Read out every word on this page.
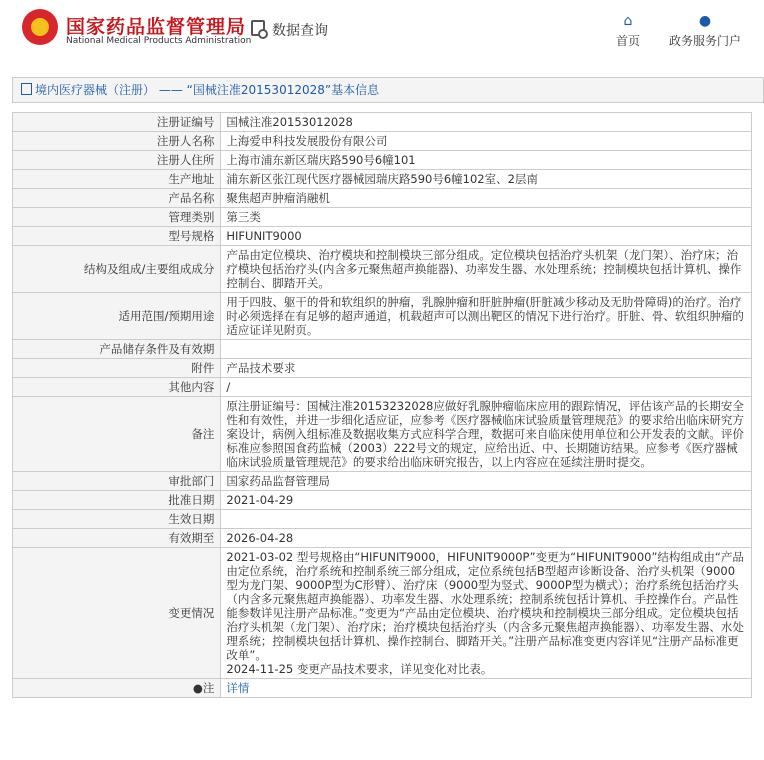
国家药品监督管理局
National Medical Products Administration
数据查询
⌂
首页
●
政务服务门户
境内医疗器械（注册） —— “国械注准20153012028”基本信息
注册证编号	国械注准20153012028
注册人名称	上海爱申科技发展股份有限公司
注册人住所	上海市浦东新区瑞庆路590号6幢101
生产地址	浦东新区张江现代医疗器械园瑞庆路590号6幢102室、2层南
产品名称	聚焦超声肿瘤消融机
管理类别	第三类
型号规格	HIFUNIT9000
结构及组成/主要组成成分	产品由定位模块、治疗模块和控制模块三部分组成。定位模块包括治疗头机架（龙门架）、治疗床；治疗模块包括治疗头(内含多元聚焦超声换能器)、功率发生器、水处理系统；控制模块包括计算机、操作控制台、脚踏开关。
适用范围/预期用途	用于四肢、躯干的骨和软组织的肿瘤，乳腺肿瘤和肝脏肿瘤(肝脏减少移动及无肋骨障碍)的治疗。治疗时必须选择在有足够的超声通道，机载超声可以测出靶区的情况下进行治疗。肝脏、骨、软组织肿瘤的适应证详见附页。
产品储存条件及有效期	
附件	产品技术要求
其他内容	/
备注	原注册证编号：国械注准20153232028应做好乳腺肿瘤临床应用的跟踪情况，评估该产品的长期安全性和有效性，并进一步细化适应证，应参考《医疗器械临床试验质量管理规范》的要求给出临床研究方案设计，病例入组标准及数据收集方式应科学合理，数据可来自临床使用单位和公开发表的文献。评价标准应参照国食药监械（2003）222号文的规定，应给出近、中、长期随访结果。应参考《医疗器械临床试验质量管理规范》的要求给出临床研究报告，以上内容应在延续注册时提交。
审批部门	国家药品监督管理局
批准日期	2021-04-29
生效日期	
有效期至	2026-04-28
变更情况	2021-03-02 型号规格由“HIFUNIT9000，HIFUNIT9000P”变更为“HIFUNIT9000”结构组成由“产品由定位系统，治疗系统和控制系统三部分组成，定位系统包括B型超声诊断设备、治疗头机架（9000型为龙门架、9000P型为C形臂）、治疗床（9000型为竖式、9000P型为横式）；治疗系统包括治疗头（内含多元聚焦超声换能器）、功率发生器、水处理系统；控制系统包括计算机、手控操作台。产品性能参数详见注册产品标准。”变更为“产品由定位模块、治疗模块和控制模块三部分组成。定位模块包括治疗头机架（龙门架）、治疗床；治疗模块包括治疗头（内含多元聚焦超声换能器）、功率发生器、水处理系统；控制模块包括计算机、操作控制台、脚踏开关。”注册产品标准变更内容详见“注册产品标准更改单”。
2024-11-25 变更产品技术要求，详见变化对比表。

●注	详情
